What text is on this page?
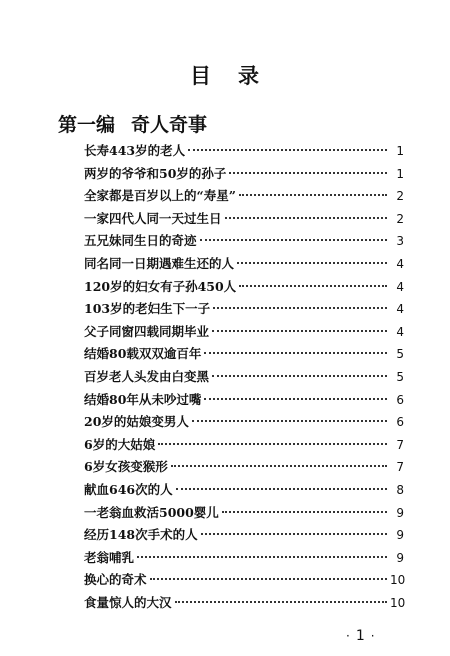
目 录
第一编 奇人奇事
长寿443岁的老人	1
两岁的爷爷和50岁的孙子	1
全家都是百岁以上的“寿星”	2
一家四代人同一天过生日	2
五兄妹同生日的奇迹	3
同名同一日期遇难生还的人	4
120岁的妇女有子孙450人	4
103岁的老妇生下一子	4
父子同窗四载同期毕业	4
结婚80载双双逾百年	5
百岁老人头发由白变黑	5
结婚80年从未吵过嘴	6
20岁的姑娘变男人	6
6岁的大姑娘	7
6岁女孩变猴形	7
献血646次的人	8
一老翁血救活5000婴儿	9
经历148次手术的人	9
老翁哺乳	9
换心的奇术	10
食量惊人的大汉	10
· 1 ·
